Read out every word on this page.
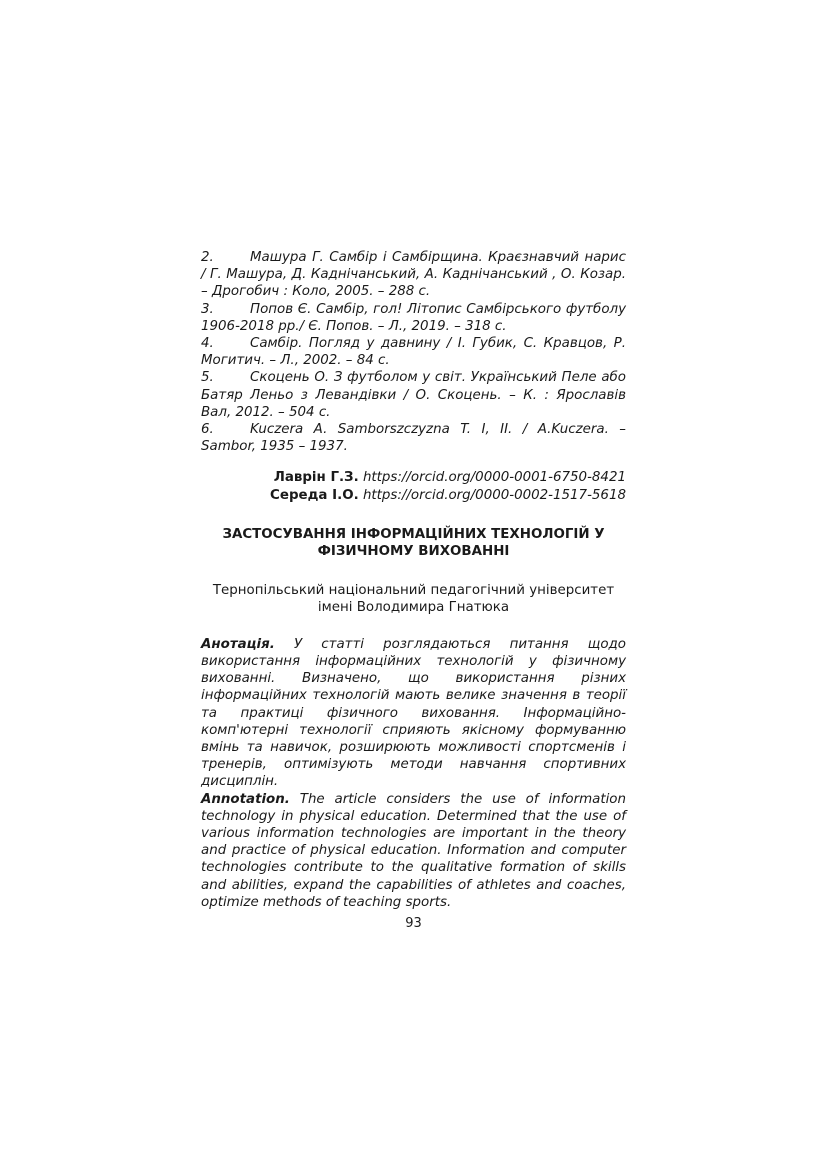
2.	Машура Г. Самбір і Самбірщина. Краєзнавчий нарис / Г. Машура, Д. Каднічанський, А. Каднічанський , О. Козар. – Дрогобич : Коло, 2005. – 288 с.
3.	Попов Є. Самбір, гол! Літопис Самбірського футболу 1906-2018 рр./ Є. Попов. – Л., 2019. – 318 с.
4.	Самбір. Погляд у давнину / І. Губик, С. Кравцов, Р. Могитич. – Л., 2002. – 84 с.
5.	Скоцень О. З футболом у світ. Український Пеле або Батяр Леньо з Левандівки / О. Скоцень. – К. : Ярославів Вал, 2012. – 504 с.
6.	Kuczera A. Samborszczyzna T. I, II. / A.Kuczera. – Sambor, 1935 – 1937.
Лаврін Г.З. https://orcid.org/0000-0001-6750-8421
Середа І.О. https://orcid.org/0000-0002-1517-5618
ЗАСТОСУВАННЯ ІНФОРМАЦІЙНИХ ТЕХНОЛОГІЙ У ФІЗИЧНОМУ ВИХОВАННІ
Тернопільський національний педагогічний університет імені Володимира Гнатюка

Анотація. У статті розглядаються питання щодо використання інформаційних технологій у фізичному вихованні. Визначено, що використання різних інформаційних технологій мають велике значення в теорії та практиці фізичного виховання. Інформаційно-комп'ютерні технології сприяють якісному формуванню вмінь та навичок, розширюють можливості спортсменів і тренерів, оптимізують методи навчання спортивних дисциплін.

Annotation. The article considers the use of information technology in physical education. Determined that the use of various information technologies are important in the theory and practice of physical education. Information and computer technologies contribute to the qualitative formation of skills and abilities, expand the capabilities of athletes and coaches, optimize methods of teaching sports.

93
